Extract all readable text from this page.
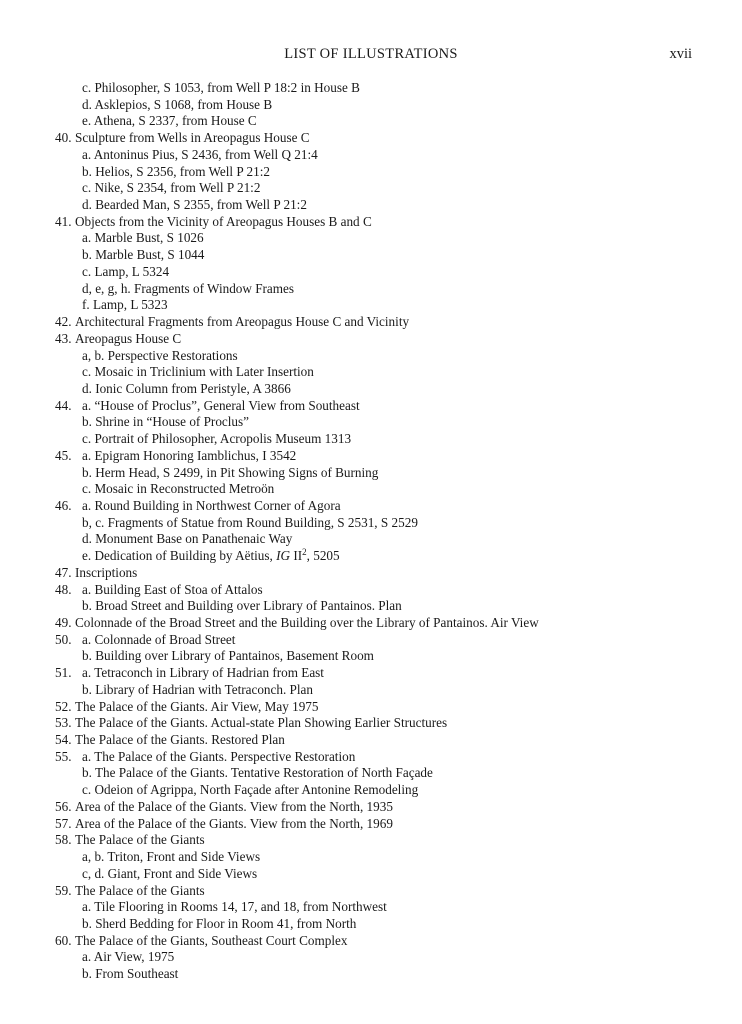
LIST OF ILLUSTRATIONS	xvii
c. Philosopher, S 1053, from Well P 18:2 in House B
d. Asklepios, S 1068, from House B
e. Athena, S 2337, from House C
40. Sculpture from Wells in Areopagus House C
a. Antoninus Pius, S 2436, from Well Q 21:4
b. Helios, S 2356, from Well P 21:2
c. Nike, S 2354, from Well P 21:2
d. Bearded Man, S 2355, from Well P 21:2
41. Objects from the Vicinity of Areopagus Houses B and C
a. Marble Bust, S 1026
b. Marble Bust, S 1044
c. Lamp, L 5324
d, e, g, h. Fragments of Window Frames
f. Lamp, L 5323
42. Architectural Fragments from Areopagus House C and Vicinity
43. Areopagus House C
a, b. Perspective Restorations
c. Mosaic in Triclinium with Later Insertion
d. Ionic Column from Peristyle, A 3866
44. a. “House of Proclus”, General View from Southeast
b. Shrine in “House of Proclus”
c. Portrait of Philosopher, Acropolis Museum 1313
45. a. Epigram Honoring Iamblichus, I 3542
b. Herm Head, S 2499, in Pit Showing Signs of Burning
c. Mosaic in Reconstructed Metroön
46. a. Round Building in Northwest Corner of Agora
b, c. Fragments of Statue from Round Building, S 2531, S 2529
d. Monument Base on Panathenaic Way
e. Dedication of Building by Aëtius, IG $II^2$, 5205
47. Inscriptions
48. a. Building East of Stoa of Attalos
b. Broad Street and Building over Library of Pantainos. Plan
49. Colonnade of the Broad Street and the Building over the Library of Pantainos. Air View
50. a. Colonnade of Broad Street
b. Building over Library of Pantainos, Basement Room
51. a. Tetraconch in Library of Hadrian from East
b. Library of Hadrian with Tetraconch. Plan
52. The Palace of the Giants. Air View, May 1975
53. The Palace of the Giants. Actual-state Plan Showing Earlier Structures
54. The Palace of the Giants. Restored Plan
55. a. The Palace of the Giants. Perspective Restoration
b. The Palace of the Giants. Tentative Restoration of North Façade
c. Odeion of Agrippa, North Façade after Antonine Remodeling
56. Area of the Palace of the Giants. View from the North, 1935
57. Area of the Palace of the Giants. View from the North, 1969
58. The Palace of the Giants
a, b. Triton, Front and Side Views
c, d. Giant, Front and Side Views
59. The Palace of the Giants
a. Tile Flooring in Rooms 14, 17, and 18, from Northwest
b. Sherd Bedding for Floor in Room 41, from North
60. The Palace of the Giants, Southeast Court Complex
a. Air View, 1975
b. From Southeast
